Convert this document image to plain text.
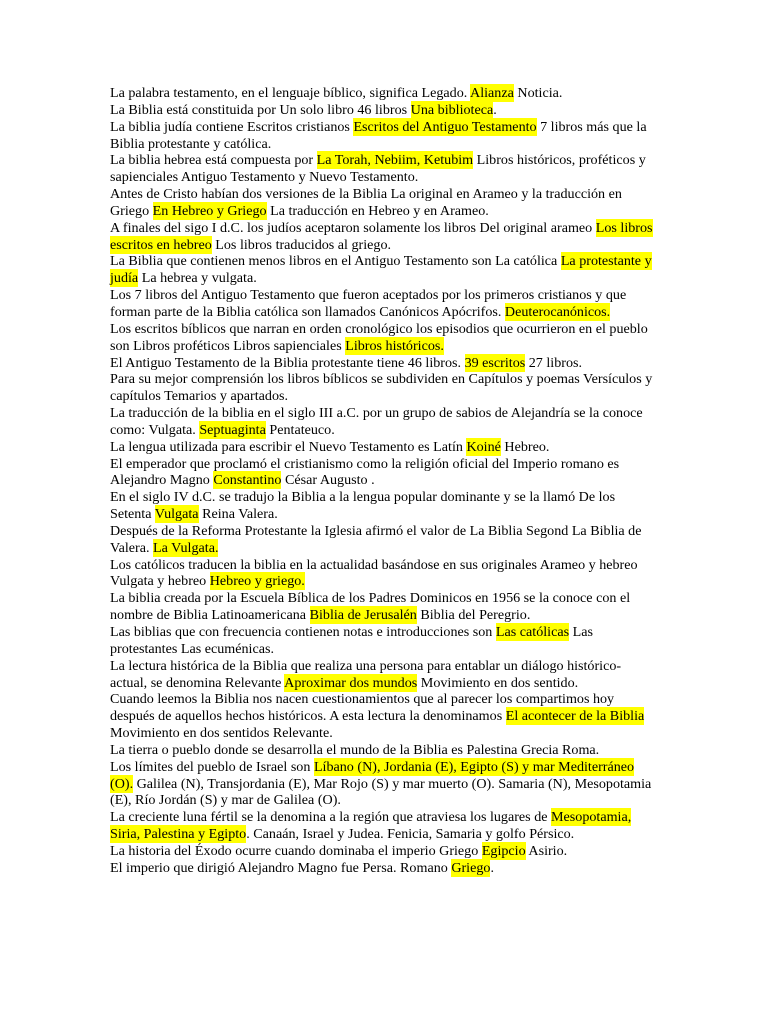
La palabra testamento, en el lenguaje bíblico, significa Legado. Alianza Noticia.

La Biblia está constituida por Un solo libro 46 libros Una biblioteca.

La biblia judía contiene Escritos cristianos Escritos del Antiguo Testamento 7 libros más que la Biblia protestante y católica.

La biblia hebrea está compuesta por La Torah, Nebiim, Ketubim Libros históricos, proféticos y sapienciales Antiguo Testamento y Nuevo Testamento.

Antes de Cristo habían dos versiones de la Biblia La original en Arameo y la traducción en Griego En Hebreo y Griego La traducción en Hebreo y en Arameo.

A finales del sigo I d.C. los judíos aceptaron solamente los libros Del original arameo Los libros escritos en hebreo Los libros traducidos al griego.

La Biblia que contienen menos libros en el Antiguo Testamento son La católica La protestante y judía La hebrea y vulgata.

Los 7 libros del Antiguo Testamento que fueron aceptados por los primeros cristianos y que forman parte de la Biblia católica son llamados Canónicos Apócrifos. Deuterocanónicos.

Los escritos bíblicos que narran en orden cronológico los episodios que ocurrieron en el pueblo son Libros proféticos Libros sapienciales Libros históricos.

El Antiguo Testamento de la Biblia protestante tiene 46 libros. 39 escritos 27 libros.

Para su mejor comprensión los libros bíblicos se subdividen en Capítulos y poemas Versículos y capítulos Temarios y apartados.

La traducción de la biblia en el siglo III a.C. por un grupo de sabios de Alejandría se la conoce como: Vulgata. Septuaginta Pentateuco.

La lengua utilizada para escribir el Nuevo Testamento es Latín Koiné Hebreo.

El emperador que proclamó el cristianismo como la religión oficial del Imperio romano es Alejandro Magno Constantino César Augusto .

En el siglo IV d.C. se tradujo la Biblia a la lengua popular dominante y se la llamó De los Setenta Vulgata Reina Valera.

Después de la Reforma Protestante la Iglesia afirmó el valor de La Biblia Segond La Biblia de Valera. La Vulgata.

Los católicos traducen la biblia en la actualidad basándose en sus originales Arameo y hebreo Vulgata y hebreo Hebreo y griego.

La biblia creada por la Escuela Bíblica de los Padres Dominicos en 1956 se la conoce con el nombre de Biblia Latinoamericana Biblia de Jerusalén Biblia del Peregrio.

Las biblias que con frecuencia contienen notas e introducciones son Las católicas Las protestantes Las ecuménicas.

La lectura histórica de la Biblia que realiza una persona para entablar un diálogo histórico-actual, se denomina Relevante Aproximar dos mundos Movimiento en dos sentido.

Cuando leemos la Biblia nos nacen cuestionamientos que al parecer los compartimos hoy después de aquellos hechos históricos. A esta lectura la denominamos El acontecer de la Biblia Movimiento en dos sentidos Relevante.

La tierra o pueblo donde se desarrolla el mundo de la Biblia es Palestina Grecia Roma.

Los límites del pueblo de Israel son Líbano (N), Jordania (E), Egipto (S) y mar Mediterráneo (O). Galilea (N), Transjordania (E), Mar Rojo (S) y mar muerto (O). Samaria (N), Mesopotamia (E), Río Jordán (S) y mar de Galilea (O).

La creciente luna fértil se la denomina a la región que atraviesa los lugares de Mesopotamia, Siria, Palestina y Egipto. Canaán, Israel y Judea. Fenicia, Samaria y golfo Pérsico.

La historia del Éxodo ocurre cuando dominaba el imperio Griego Egipcio Asirio.

El imperio que dirigió Alejandro Magno fue Persa. Romano Griego.
